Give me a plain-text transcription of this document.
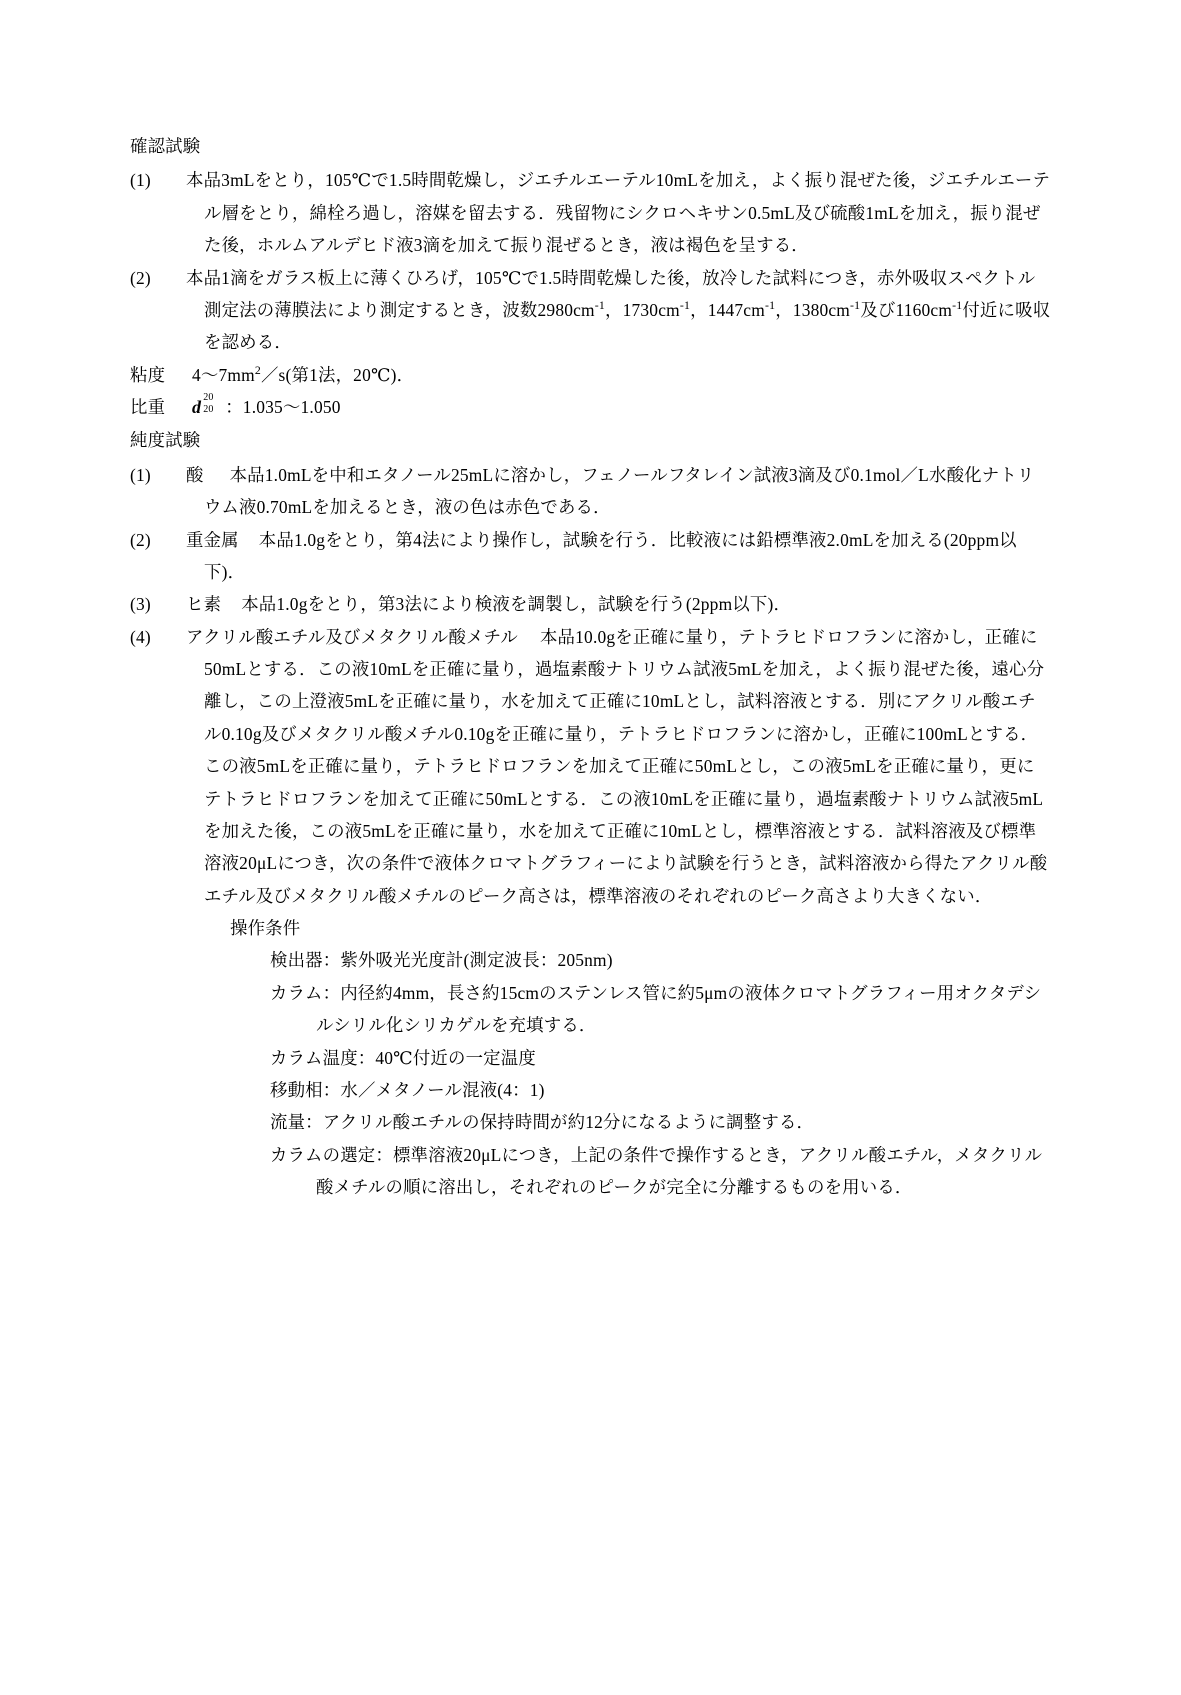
確認試験
(1) 本品3mLをとり，105℃で1.5時間乾燥し，ジエチルエーテル10mLを加え，よく振り混ぜた後，ジエチルエーテル層をとり，綿栓ろ過し，溶媒を留去する．残留物にシクロヘキサン0.5mL及び硫酸1mLを加え，振り混ぜた後，ホルムアルデヒド液3滴を加えて振り混ぜるとき，液は褐色を呈する．
(2) 本品1滴をガラス板上に薄くひろげ，105℃で1.5時間乾燥した後，放冷した試料につき，赤外吸収スペクトル測定法の薄膜法により測定するとき，波数$2980cm^{-1}$，$1730cm^{-1}$，$1447cm^{-1}$，$1380cm^{-1}$及び$1160cm^{-1}$付近に吸収を認める．
粘度 $4\sim 7mm^2/s$(第1法，20℃)．
比重 d 20
20 ：1.035～1.050
純度試験
(1) 酸 本品1.0mLを中和エタノール25mLに溶かし，フェノールフタレイン試液3滴及び0.1mol／L水酸化ナトリウム液0.70mLを加えるとき，液の色は赤色である．
(2) 重金属 本品1.0gをとり，第4法により操作し，試験を行う．比較液には鉛標準液2.0mLを加える(20ppm以下)．
(3) ヒ素 本品1.0gをとり，第3法により検液を調製し，試験を行う(2ppm以下)．
(4) アクリル酸エチル及びメタクリル酸メチル 本品10.0gを正確に量り，テトラヒドロフランに溶かし，正確に50mLとする．この液10mLを正確に量り，過塩素酸ナトリウム試液5mLを加え，よく振り混ぜた後，遠心分離し，この上澄液5mLを正確に量り，水を加えて正確に10mLとし，試料溶液とする．別にアクリル酸エチル0.10g及びメタクリル酸メチル0.10gを正確に量り，テトラヒドロフランに溶かし，正確に100mLとする．この液5mLを正確に量り，テトラヒドロフランを加えて正確に50mLとし，この液5mLを正確に量り，更にテトラヒドロフランを加えて正確に50mLとする．この液10mLを正確に量り，過塩素酸ナトリウム試液5mLを加えた後，この液5mLを正確に量り，水を加えて正確に10mLとし，標準溶液とする．試料溶液及び標準溶液20μLにつき，次の条件で液体クロマトグラフィーにより試験を行うとき，試料溶液から得たアクリル酸エチル及びメタクリル酸メチルのピーク高さは，標準溶液のそれぞれのピーク高さより大きくない．
操作条件
検出器：紫外吸光光度計(測定波長：205nm)
カラム：内径約4mm，長さ約15cmのステンレス管に約5μmの液体クロマトグラフィー用オクタデシルシリル化シリカゲルを充填する．
カラム温度：40℃付近の一定温度
移動相：水／メタノール混液(4：1)
流量：アクリル酸エチルの保持時間が約12分になるように調整する．
カラムの選定：標準溶液20μLにつき，上記の条件で操作するとき，アクリル酸エチル，メタクリル酸メチルの順に溶出し，それぞれのピークが完全に分離するものを用いる．
